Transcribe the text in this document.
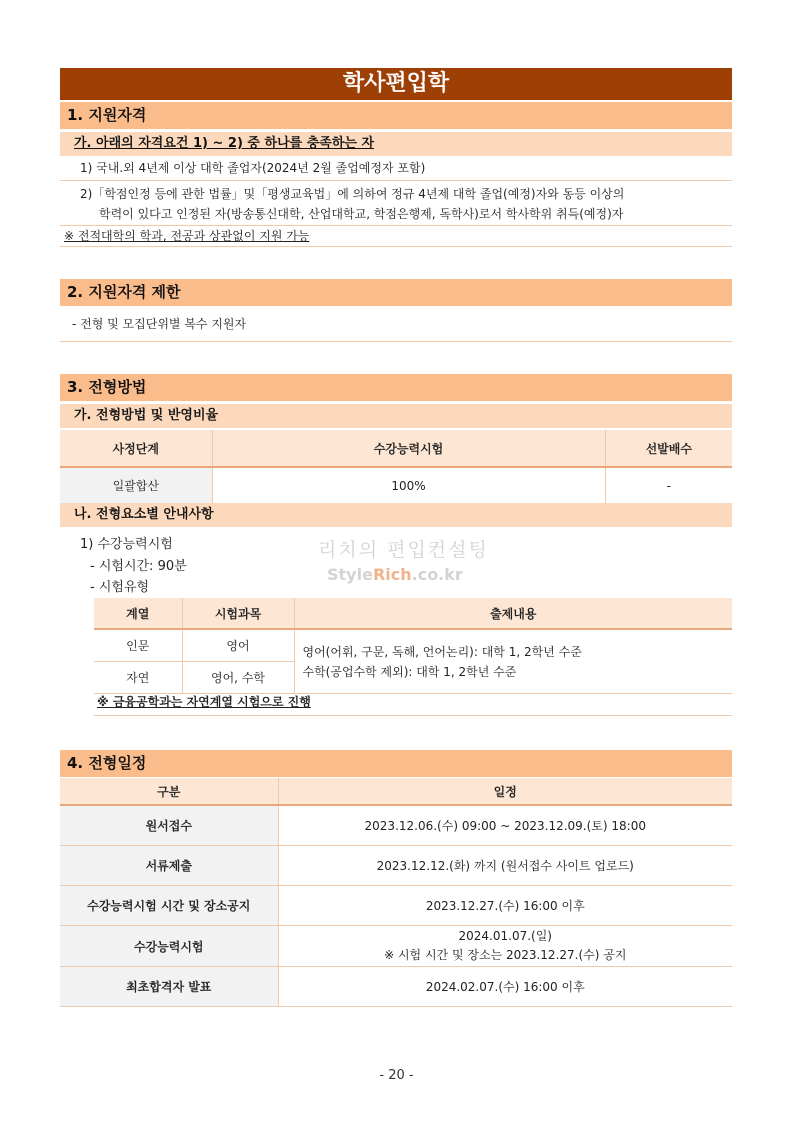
학사편입학
1. 지원자격
가. 아래의 자격요건 1) ~ 2) 중 하나를 충족하는 자
1) 국내.외 4년제 이상 대학 졸업자(2024년 2월 졸업예정자 포함)
2)「학점인정 등에 관한 법률」및「평생교육법」에 의하여 정규 4년제 대학 졸업(예정)자와 동등 이상의
학력이 있다고 인정된 자(방송통신대학, 산업대학교, 학점은행제, 독학사)로서 학사학위 취득(예정)자
※ 전적대학의 학과, 전공과 상관없이 지원 가능
2. 지원자격 제한
- 전형 및 모집단위별 복수 지원자
3. 전형방법
가. 전형방법 및 반영비율
사정단계	수강능력시험	선발배수
일괄합산	100%	-
나. 전형요소별 안내사항
1) 수강능력시험
- 시험시간: 90분
- 시험유형
리치의 편입컨설팅
StyleRich.co.kr
계열	시험과목	출제내용
인문	영어	영어(어휘, 구문, 독해, 언어논리): 대학 1, 2학년 수준
수학(공업수학 제외): 대학 1, 2학년 수준

자연	영어, 수학	
※ 금융공학과는 자연계열 시험으로 진행
4. 전형일정
구분	일정
원서접수	2023.12.06.(수) 09:00 ~ 2023.12.09.(토) 18:00
서류제출	2023.12.12.(화) 까지 (원서접수 사이트 업로드)
수강능력시험 시간 및 장소공지	2023.12.27.(수) 16:00 이후
수강능력시험	2024.01.07.(일)
※ 시험 시간 및 장소는 2023.12.27.(수) 공지

최초합격자 발표	2024.02.07.(수) 16:00 이후
- 20 -
